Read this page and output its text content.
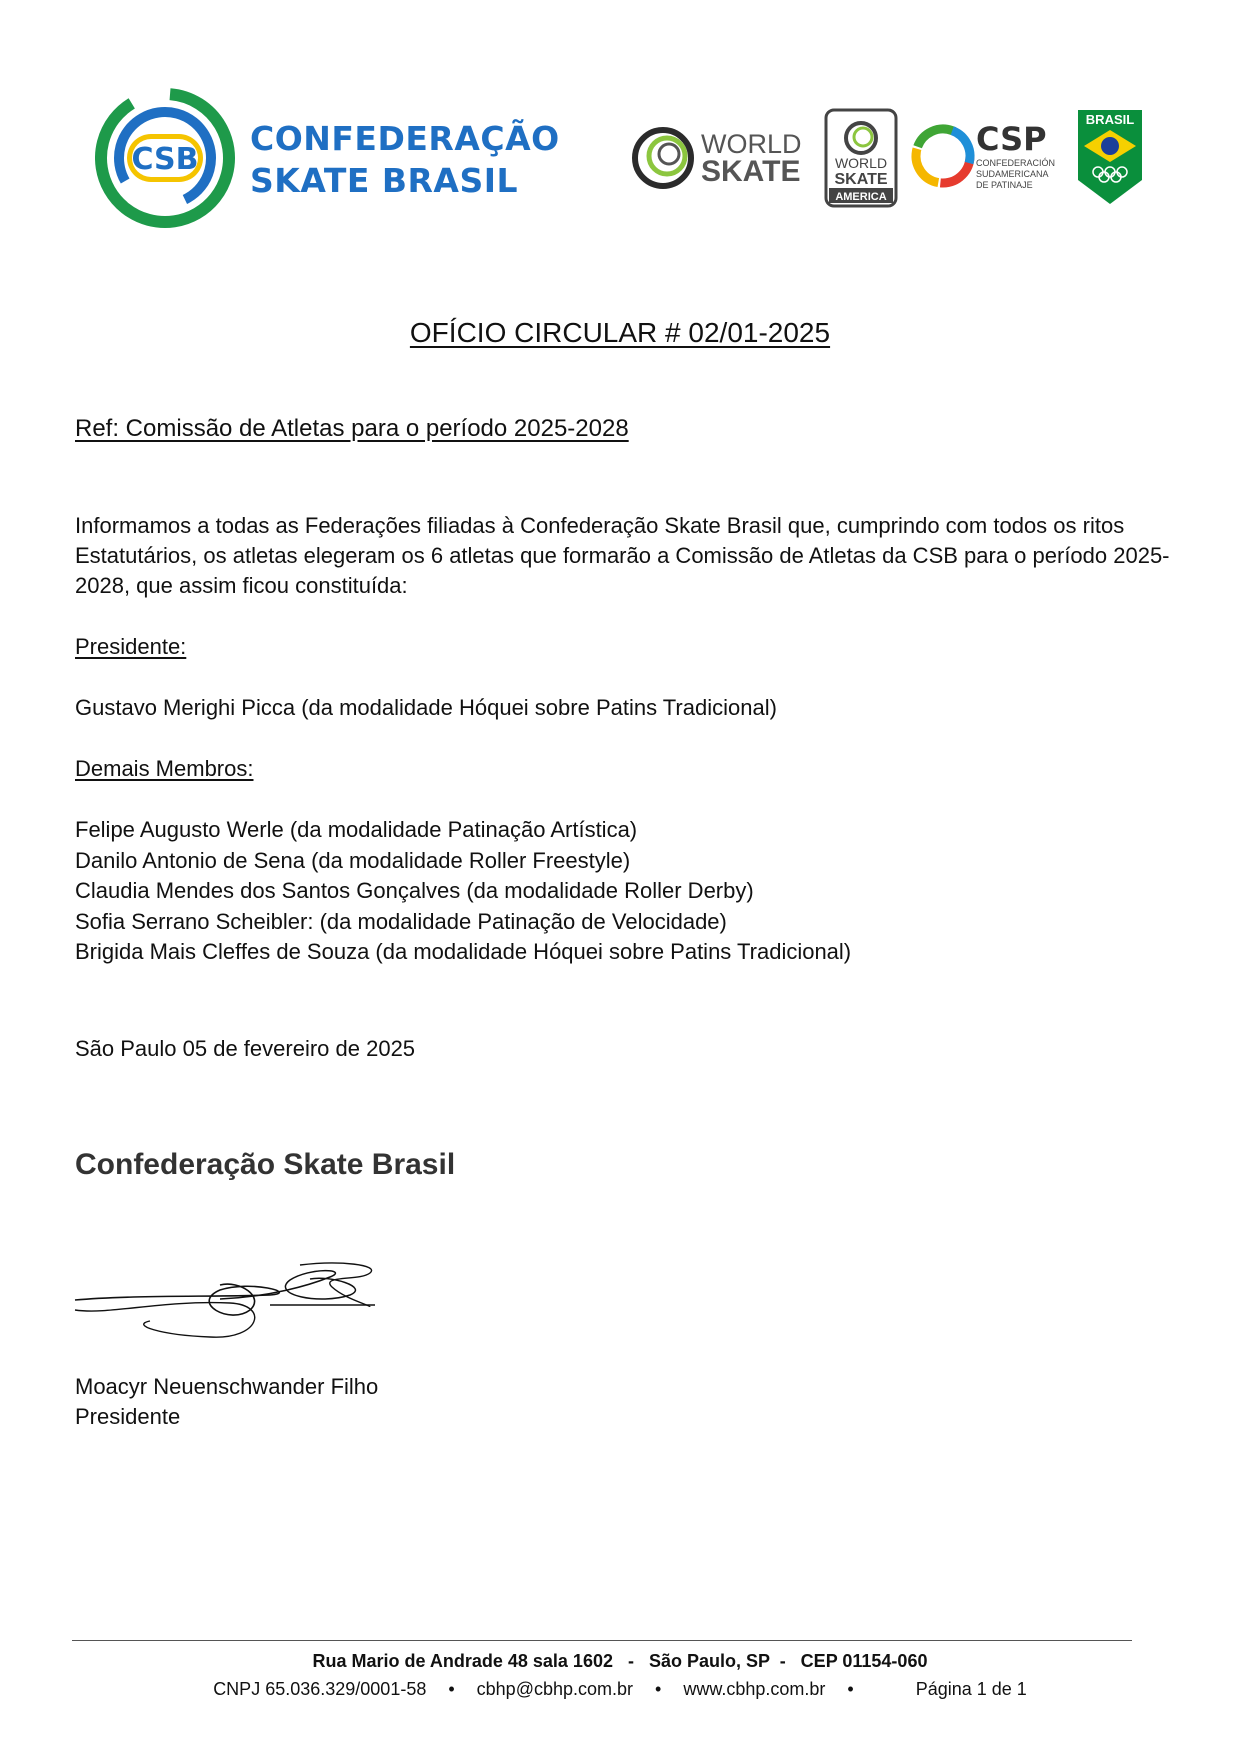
CSB
CONFEDERAÇÃO
SKATE BRASIL
WORLD
SKATE WORLD
SKATE
AMERICA
CSP
CONFEDERACIÓN
SUDAMERICANA
DE PATINAJE
BRASIL
OFÍCIO CIRCULAR # 02/01-2025
Ref: Comissão de Atletas para o período 2025-2028
Informamos a todas as Federações filiadas à Confederação Skate Brasil que, cumprindo com todos os ritos Estatutários, os atletas elegeram os 6 atletas que formarão a Comissão de Atletas da CSB para o período 2025-2028, que assim ficou constituída:
Presidente:
Gustavo Merighi Picca (da modalidade Hóquei sobre Patins Tradicional)
Demais Membros:
Felipe Augusto Werle (da modalidade Patinação Artística)
Danilo Antonio de Sena (da modalidade Roller Freestyle)
Claudia Mendes dos Santos Gonçalves (da modalidade Roller Derby)
Sofia Serrano Scheibler: (da modalidade Patinação de Velocidade)
Brigida Mais Cleffes de Souza (da modalidade Hóquei sobre Patins Tradicional)
São Paulo 05 de fevereiro de 2025
Confederação Skate Brasil
Moacyr Neuenschwander Filho
Presidente
Rua Mario de Andrade 48 sala 1602   -   São Paulo, SP  -   CEP 01154-060
CNPJ 65.036.329/0001-58 • cbhp@cbhp.com.br • www.cbhp.com.br •	Página 1 de 1
